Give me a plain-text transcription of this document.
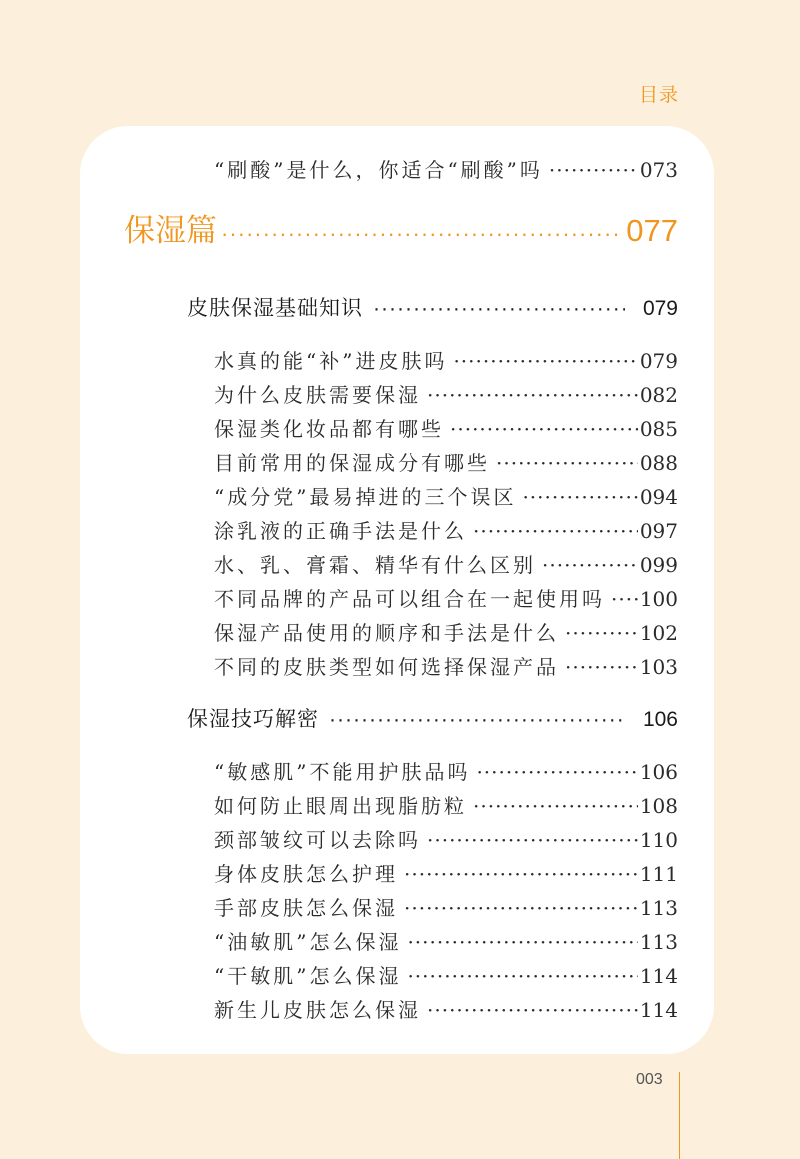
目录
“刷酸”是什么，你适合“刷酸”吗 ·····	073
保湿篇 ·····	077
皮肤保湿基础知识 ·····	079
水真的能“补”进皮肤吗 ·····	079
为什么皮肤需要保湿 ·····	082
保湿类化妆品都有哪些 ·····	085
目前常用的保湿成分有哪些 ·····	088
“成分党”最易掉进的三个误区 ·····	094
涂乳液的正确手法是什么 ·····	097
水、乳、膏霜、精华有什么区别 ·····	099
不同品牌的产品可以组合在一起使用吗 ····· 100
保湿产品使用的顺序和手法是什么 ·····	102
不同的皮肤类型如何选择保湿产品 ·····	103
保湿技巧解密 ·····	106
“敏感肌”不能用护肤品吗 ·····	106
如何防止眼周出现脂肪粒 ·····	108
颈部皱纹可以去除吗 ·····	110
身体皮肤怎么护理 ·····	111
手部皮肤怎么保湿 ·····	113
“油敏肌”怎么保湿 ·····	113
“干敏肌”怎么保湿 ·····	114
新生儿皮肤怎么保湿 ·····	114
003
